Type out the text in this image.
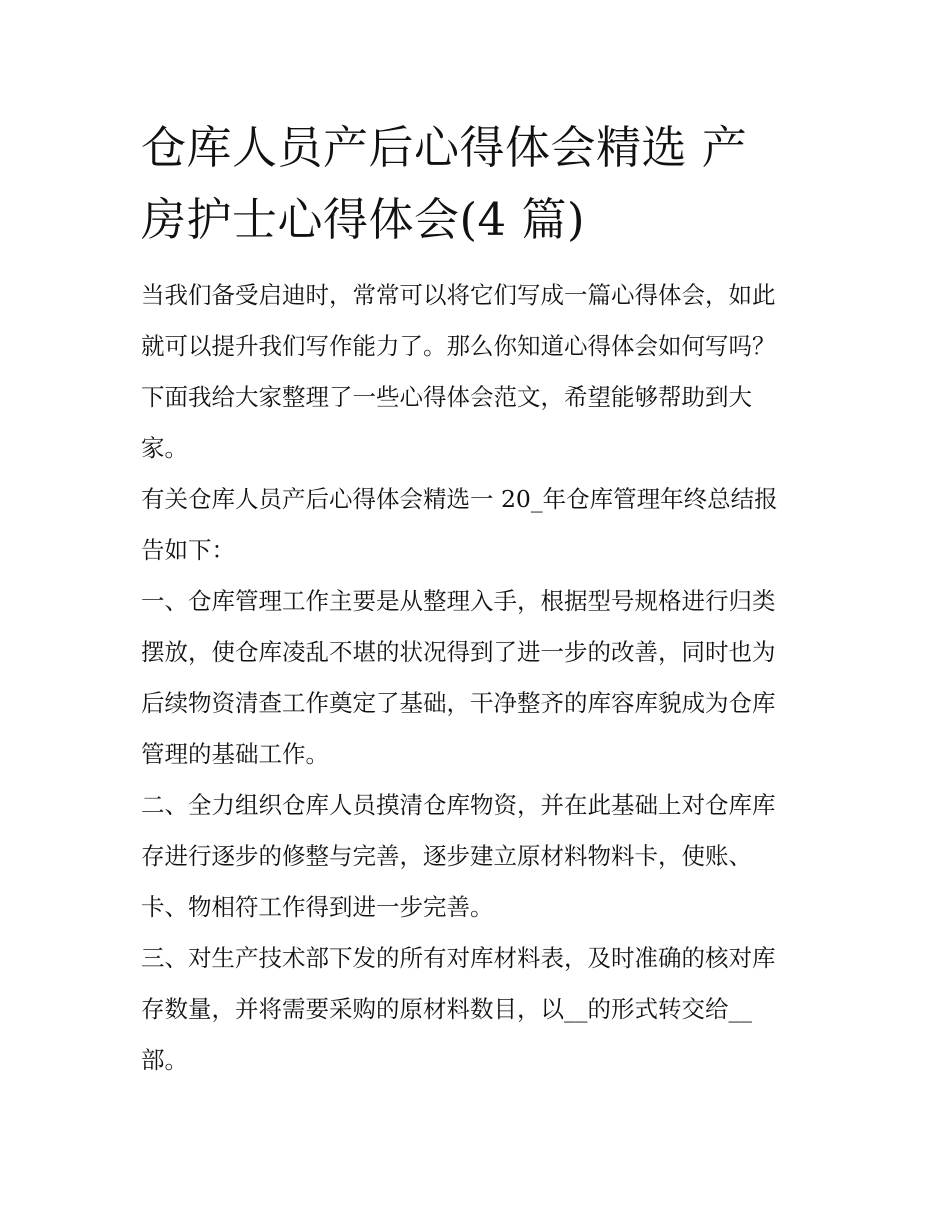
仓库人员产后心得体会精选 产
房护士心得体会(4 篇)

当我们备受启迪时，常常可以将它们写成一篇心得体会，如此
就可以提升我们写作能力了。那么你知道心得体会如何写吗？
下面我给大家整理了一些心得体会范文，希望能够帮助到大
家。

有关仓库人员产后心得体会精选一 20_年仓库管理年终总结报
告如下：

一、仓库管理工作主要是从整理入手，根据型号规格进行归类
摆放，使仓库凌乱不堪的状况得到了进一步的改善，同时也为
后续物资清查工作奠定了基础，干净整齐的库容库貌成为仓库
管理的基础工作。

二、全力组织仓库人员摸清仓库物资，并在此基础上对仓库库
存进行逐步的修整与完善，逐步建立原材料物料卡，使账、
卡、物相符工作得到进一步完善。

三、对生产技术部下发的所有对库材料表，及时准确的核对库
存数量，并将需要采购的原材料数目，以__的形式转交给__
部。
